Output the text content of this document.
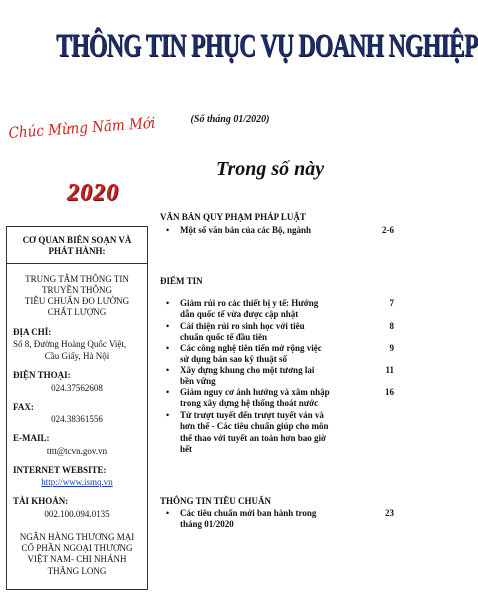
THÔNG TIN PHỤC VỤ DOANH NGHIỆP
(Số tháng 01/2020)
Chúc Mừng Năm Mới
2020
Trong số này
CƠ QUAN BIÊN SOẠN VÀ PHÁT HÀNH:
TRUNG TÂM THÔNG TIN
TRUYỀN THÔNG
TIÊU CHUẨN ĐO LƯỜNG
CHẤT LƯỢNG
ĐỊA CHỈ:
Số 8, Đường Hoàng Quốc Việt,
Cầu Giấy, Hà Nội
ĐIỆN THOẠI:
024.37562608
FAX:
024.38361556
E-MAIL:
tttt@tcvn.gov.vn
INTERNET WEBSITE:
http://www.ismq.vn
TÀI KHOẢN:
002.100.094.0135
NGÂN HÀNG THƯƠNG MẠI
CỔ PHẦN NGOẠI THƯƠNG
VIỆT NAM- CHI NHÁNH
THĂNG LONG
VĂN BẢN QUY PHẠM PHÁP LUẬT
• Một số văn bản của các Bộ, ngành	2-6
ĐIỂM TIN
• Giảm rủi ro các thiết bị y tế: Hướng dẫn quốc tế vừa được cập nhật
7
• Cải thiện rủi ro sinh học với tiêu chuẩn quốc tế đầu tiên
8
• Các công nghệ tiên tiến mở rộng việc sử dụng bản sao kỹ thuật số
9
• Xây dựng khung cho một tương lai bền vững
11
• Giảm nguy cơ ảnh hưởng và xâm nhập trong xây dựng hệ thống thoát nước
16
• Từ trượt tuyết đến trượt tuyết ván và hơn thế - Các tiêu chuẩn giúp cho môn thể thao với tuyết an toàn hơn bao giờ hết
THÔNG TIN TIÊU CHUẨN
• Các tiêu chuẩn mới ban hành trong tháng 01/2020
23
